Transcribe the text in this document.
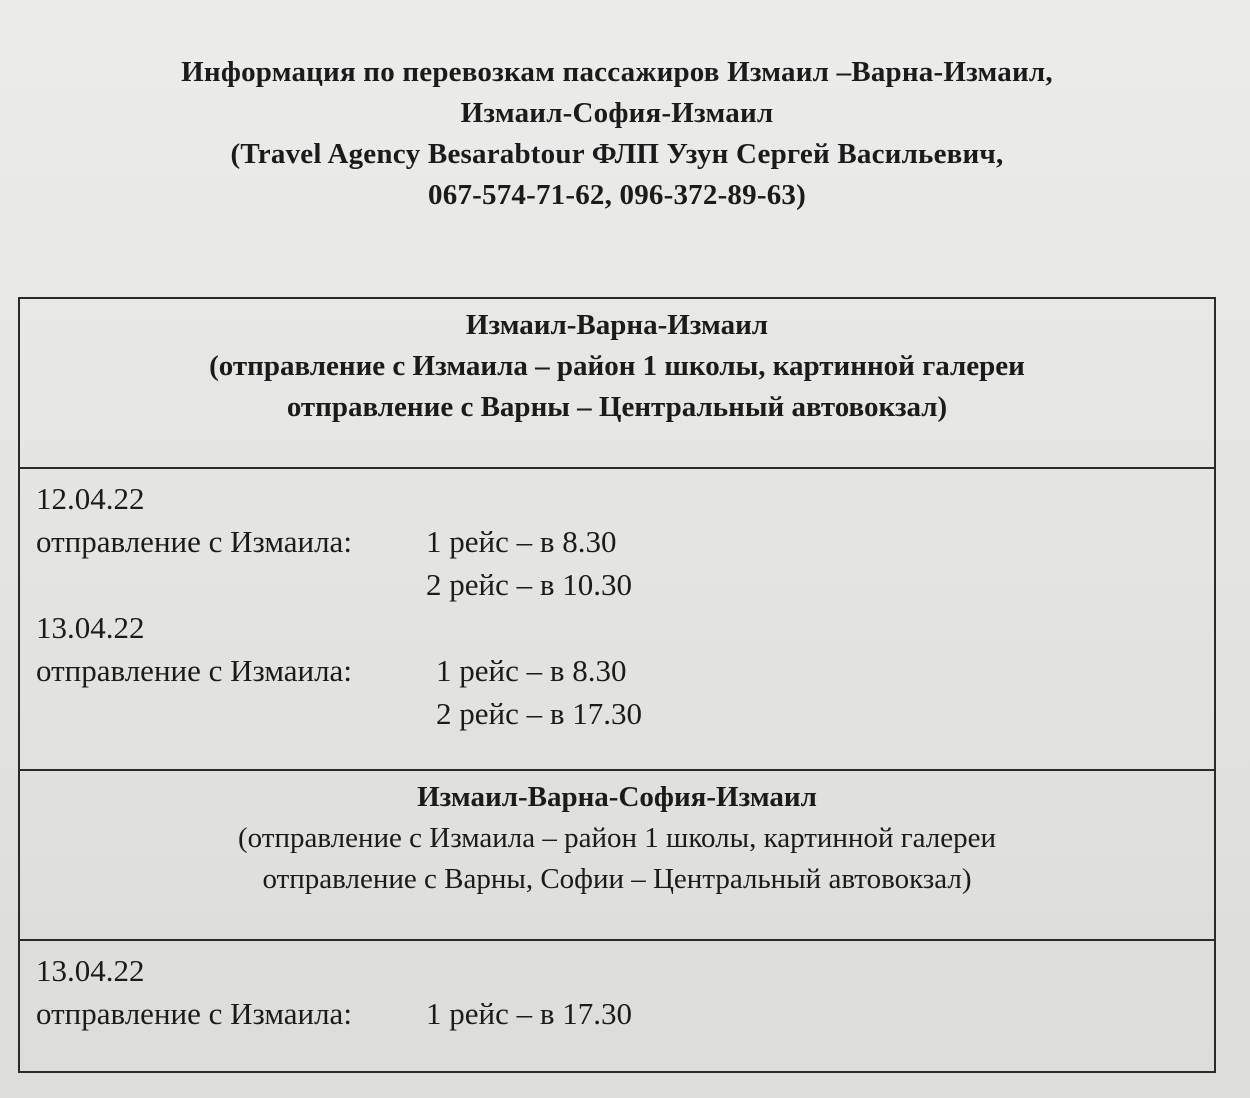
Информация по перевозкам пассажиров Измаил –Варна-Измаил,
Измаил-София-Измаил
(Travel Agency Besarabtour ФЛП Узун Сергей Васильевич,
067-574-71-62, 096-372-89-63)
Измаил-Варна-Измаил
(отправление с Измаила – район 1 школы, картинной галереи
отправление с Варны – Центральный автовокзал)
12.04.22
отправление с Измаила: 1 рейс – в 8.30
2 рейс – в 10.30
13.04.22
отправление с Измаила:	1 рейс – в 8.30
2 рейс – в 17.30
Измаил-Варна-София-Измаил
(отправление с Измаила – район 1 школы, картинной галереи
отправление с Варны, Софии – Центральный автовокзал)
13.04.22
отправление с Измаила: 1 рейс – в 17.30
